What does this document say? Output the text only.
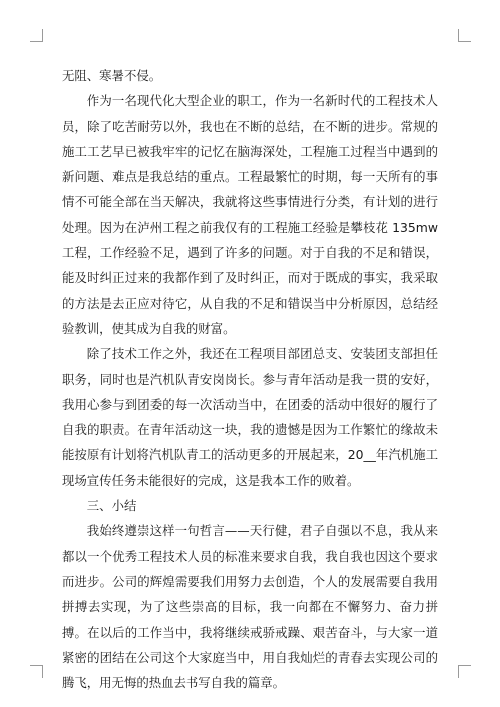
无阻、寒暑不侵。

作为一名现代化大型企业的职工，作为一名新时代的工程技术人员，除了吃苦耐劳以外，我也在不断的总结，在不断的进步。常规的施工工艺早已被我牢牢的记忆在脑海深处，工程施工过程当中遇到的新问题、难点是我总结的重点。工程最繁忙的时期，每一天所有的事情不可能全部在当天解决，我就将这些事情进行分类，有计划的进行处理。因为在泸州工程之前我仅有的工程施工经验是攀枝花 135mw 工程，工作经验不足，遇到了许多的问题。对于自我的不足和错误，能及时纠正过来的我都作到了及时纠正，而对于既成的事实，我采取的方法是去正应对待它，从自我的不足和错误当中分析原因，总结经验教训，使其成为自我的财富。

除了技术工作之外，我还在工程项目部团总支、安装团支部担任职务，同时也是汽机队青安岗岗长。参与青年活动是我一贯的安好，我用心参与到团委的每一次活动当中，在团委的活动中很好的履行了自我的职责。在青年活动这一块，我的遗憾是因为工作繁忙的缘故未能按原有计划将汽机队青工的活动更多的开展起来，20__年汽机施工现场宣传任务未能很好的完成，这是我本工作的败着。

三、小结

我始终遵崇这样一句哲言——天行健，君子自强以不息，我从来都以一个优秀工程技术人员的标准来要求自我，我自我也因这个要求而进步。公司的辉煌需要我们用努力去创造，个人的发展需要自我用拼搏去实现，为了这些崇高的目标，我一向都在不懈努力、奋力拼搏。在以后的工作当中，我将继续戒骄戒躁、艰苦奋斗，与大家一道紧密的团结在公司这个大家庭当中，用自我灿烂的青春去实现公司的腾飞，用无悔的热血去书写自我的篇章。
